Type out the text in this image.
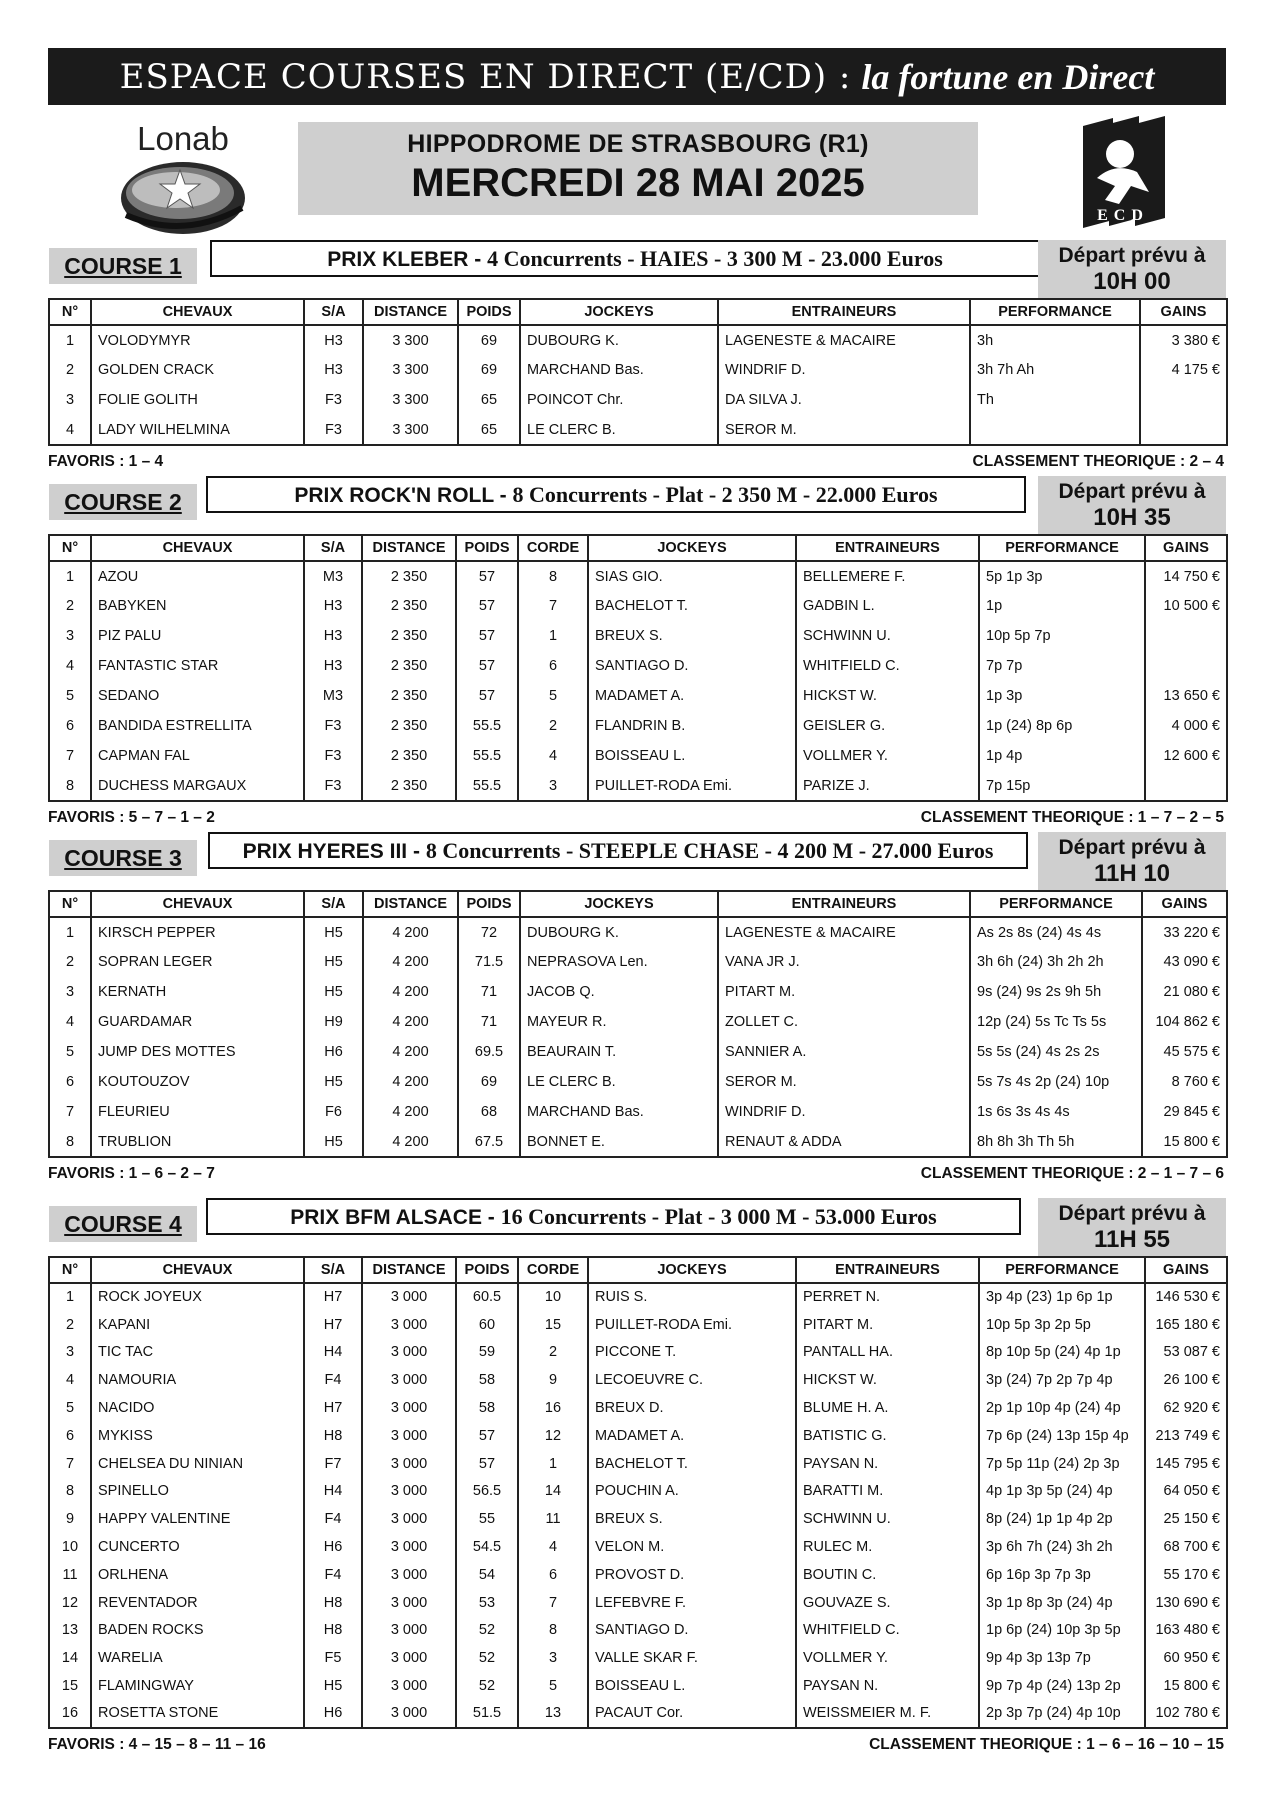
ESPACE COURSES EN DIRECT (E/CD) : la fortune en Direct
Lonab	HIPPODROME DE STRASBOURG (R1)
MERCREDI 28 MAI 2025
ECD
COURSE 1	PRIX KLEBER - 4 Concurrents - HAIES - 3 300 M - 23.000 Euros	Départ prévu à
10H 00
N°	CHEVAUX	S/A	DISTANCE	POIDS	JOCKEYS	ENTRAINEURS	PERFORMANCE	GAINS
1	VOLODYMYR	H3	3 300	69	DUBOURG K.	LAGENESTE & MACAIRE	3h	3 380 €
2	GOLDEN CRACK	H3	3 300	69	MARCHAND Bas.	WINDRIF D.	3h 7h Ah	4 175 €
3	FOLIE GOLITH	F3	3 300	65	POINCOT Chr.	DA SILVA J.	Th	
4	LADY WILHELMINA	F3	3 300	65	LE CLERC B.	SEROR M.		
FAVORIS : 1 – 4	CLASSEMENT THEORIQUE : 2 – 4
COURSE 2	PRIX ROCK'N ROLL - 8 Concurrents - Plat - 2 350 M - 22.000 Euros	Départ prévu à
10H 35
N°	CHEVAUX	S/A	DISTANCE	POIDS	CORDE	JOCKEYS	ENTRAINEURS	PERFORMANCE	GAINS
1	AZOU	M3	2 350	57	8	SIAS GIO.	BELLEMERE F.	5p 1p 3p	14 750 €
2	BABYKEN	H3	2 350	57	7	BACHELOT T.	GADBIN L.	1p	10 500 €
3	PIZ PALU	H3	2 350	57	1	BREUX S.	SCHWINN U.	10p 5p 7p	
4	FANTASTIC STAR	H3	2 350	57	6	SANTIAGO D.	WHITFIELD C.	7p 7p	
5	SEDANO	M3	2 350	57	5	MADAMET A.	HICKST W.	1p 3p	13 650 €
6	BANDIDA ESTRELLITA	F3	2 350	55.5	2	FLANDRIN B.	GEISLER G.	1p (24) 8p 6p	4 000 €
7	CAPMAN FAL	F3	2 350	55.5	4	BOISSEAU L.	VOLLMER Y.	1p 4p	12 600 €
8	DUCHESS MARGAUX	F3	2 350	55.5	3	PUILLET-RODA Emi.	PARIZE J.	7p 15p	
FAVORIS : 5 – 7 – 1 – 2	CLASSEMENT THEORIQUE : 1 – 7 – 2 – 5
COURSE 3	PRIX HYERES III - 8 Concurrents - STEEPLE CHASE - 4 200 M - 27.000 Euros	Départ prévu à
11H 10
N°	CHEVAUX	S/A	DISTANCE	POIDS	JOCKEYS	ENTRAINEURS	PERFORMANCE	GAINS
1	KIRSCH PEPPER	H5	4 200	72	DUBOURG K.	LAGENESTE & MACAIRE	As 2s 8s (24) 4s 4s	33 220 €
2	SOPRAN LEGER	H5	4 200	71.5	NEPRASOVA Len.	VANA JR J.	3h 6h (24) 3h 2h 2h	43 090 €
3	KERNATH	H5	4 200	71	JACOB Q.	PITART M.	9s (24) 9s 2s 9h 5h	21 080 €
4	GUARDAMAR	H9	4 200	71	MAYEUR R.	ZOLLET C.	12p (24) 5s Tc Ts 5s	104 862 €
5	JUMP DES MOTTES	H6	4 200	69.5	BEAURAIN T.	SANNIER A.	5s 5s (24) 4s 2s 2s	45 575 €
6	KOUTOUZOV	H5	4 200	69	LE CLERC B.	SEROR M.	5s 7s 4s 2p (24) 10p	8 760 €
7	FLEURIEU	F6	4 200	68	MARCHAND Bas.	WINDRIF D.	1s 6s 3s 4s 4s	29 845 €
8	TRUBLION	H5	4 200	67.5	BONNET E.	RENAUT & ADDA	8h 8h 3h Th 5h	15 800 €
FAVORIS : 1 – 6 – 2 – 7	CLASSEMENT THEORIQUE : 2 – 1 – 7 – 6
COURSE 4	PRIX BFM ALSACE - 16 Concurrents - Plat - 3 000 M - 53.000 Euros	Départ prévu à
11H 55
N°	CHEVAUX	S/A	DISTANCE	POIDS	CORDE	JOCKEYS	ENTRAINEURS	PERFORMANCE	GAINS
1	ROCK JOYEUX	H7	3 000	60.5	10	RUIS S.	PERRET N.	3p 4p (23) 1p 6p 1p	146 530 €
2	KAPANI	H7	3 000	60	15	PUILLET-RODA Emi.	PITART M.	10p 5p 3p 2p 5p	165 180 €
3	TIC TAC	H4	3 000	59	2	PICCONE T.	PANTALL HA.	8p 10p 5p (24) 4p 1p	53 087 €
4	NAMOURIA	F4	3 000	58	9	LECOEUVRE C.	HICKST W.	3p (24) 7p 2p 7p 4p	26 100 €
5	NACIDO	H7	3 000	58	16	BREUX D.	BLUME H. A.	2p 1p 10p 4p (24) 4p	62 920 €
6	MYKISS	H8	3 000	57	12	MADAMET A.	BATISTIC G.	7p 6p (24) 13p 15p 4p	213 749 €
7	CHELSEA DU NINIAN	F7	3 000	57	1	BACHELOT T.	PAYSAN N.	7p 5p 11p (24) 2p 3p	145 795 €
8	SPINELLO	H4	3 000	56.5	14	POUCHIN A.	BARATTI M.	4p 1p 3p 5p (24) 4p	64 050 €
9	HAPPY VALENTINE	F4	3 000	55	11	BREUX S.	SCHWINN U.	8p (24) 1p 1p 4p 2p	25 150 €
10	CUNCERTO	H6	3 000	54.5	4	VELON M.	RULEC M.	3p 6h 7h (24) 3h 2h	68 700 €
11	ORLHENA	F4	3 000	54	6	PROVOST D.	BOUTIN C.	6p 16p 3p 7p 3p	55 170 €
12	REVENTADOR	H8	3 000	53	7	LEFEBVRE F.	GOUVAZE S.	3p 1p 8p 3p (24) 4p	130 690 €
13	BADEN ROCKS	H8	3 000	52	8	SANTIAGO D.	WHITFIELD C.	1p 6p (24) 10p 3p 5p	163 480 €
14	WARELIA	F5	3 000	52	3	VALLE SKAR F.	VOLLMER Y.	9p 4p 3p 13p 7p	60 950 €
15	FLAMINGWAY	H5	3 000	52	5	BOISSEAU L.	PAYSAN N.	9p 7p 4p (24) 13p 2p	15 800 €
16	ROSETTA STONE	H6	3 000	51.5	13	PACAUT Cor.	WEISSMEIER M. F.	2p 3p 7p (24) 4p 10p	102 780 €
FAVORIS : 4 – 15 – 8 – 11 – 16	CLASSEMENT THEORIQUE : 1 – 6 – 16 – 10 – 15
